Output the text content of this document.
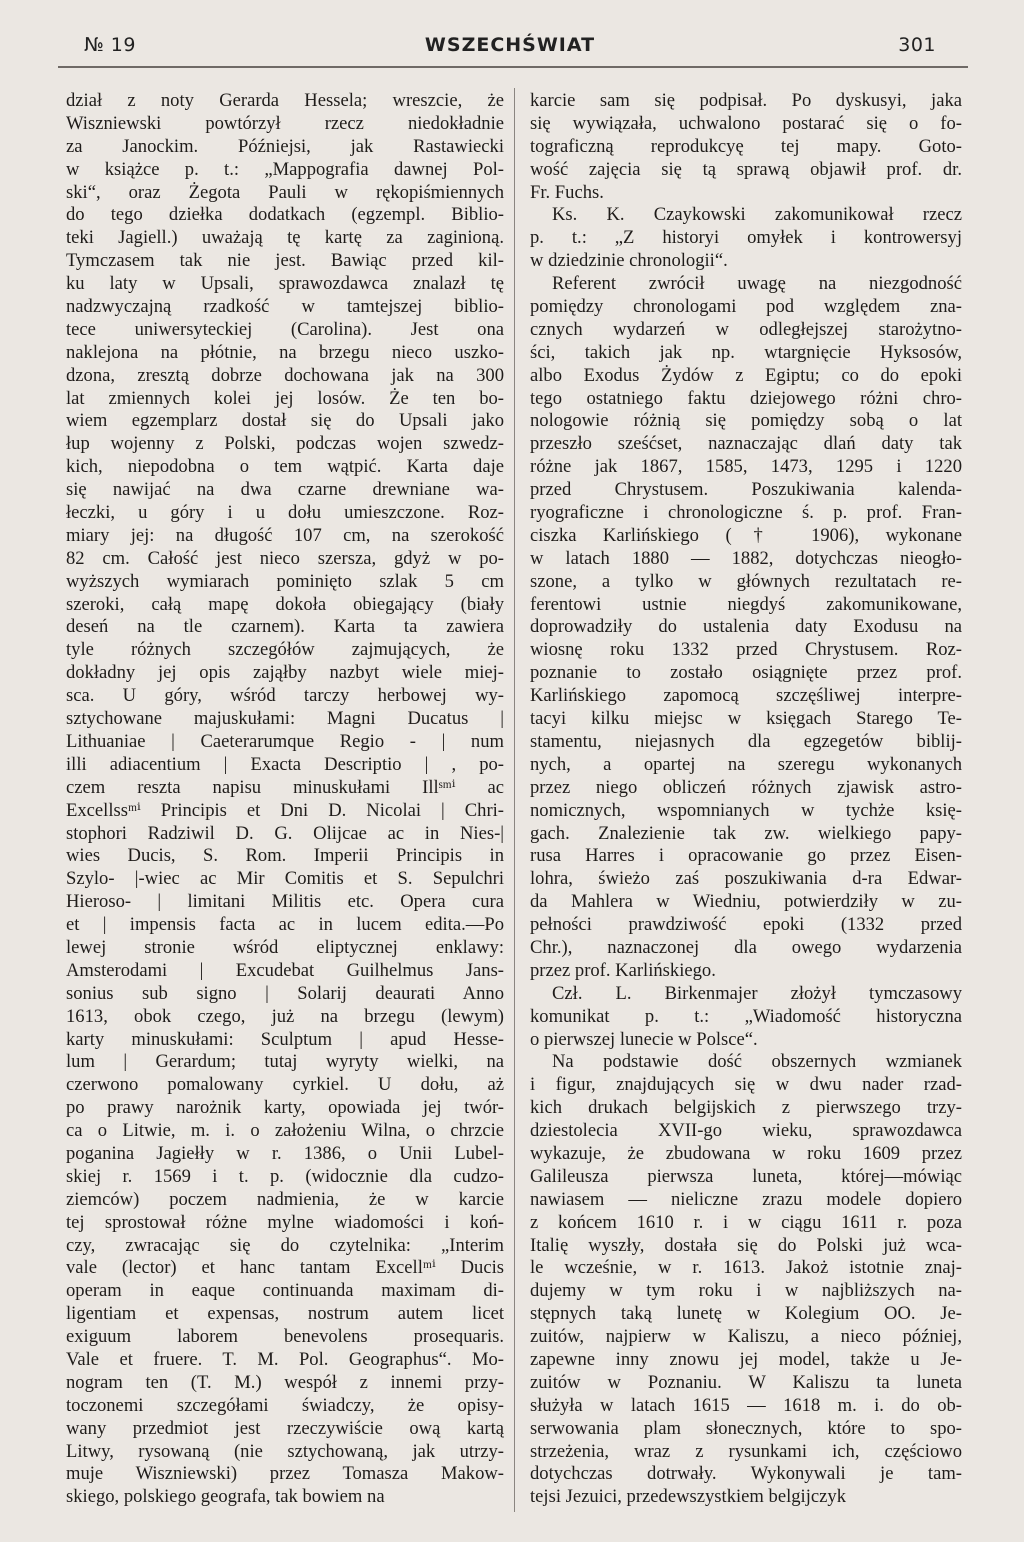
№ 19	WSZECHŚWIAT	301
dział z noty Gerarda Hessela; wreszcie, że
Wiszniewski powtórzył rzecz niedokładnie
za Janockim. Późniejsi, jak Rastawiecki
w książce p. t.: „Mappografia dawnej Pol-
ski“, oraz Żegota Pauli w rękopiśmiennych
do tego dziełka dodatkach (egzempl. Biblio-
teki Jagiell.) uważają tę kartę za zaginioną.
Tymczasem tak nie jest. Bawiąc przed kil-
ku laty w Upsali, sprawozdawca znalazł tę
nadzwyczajną rzadkość w tamtejszej biblio-
tece uniwersyteckiej (Carolina). Jest ona
naklejona na płótnie, na brzegu nieco uszko-
dzona, zresztą dobrze dochowana jak na 300
lat zmiennych kolei jej losów. Że ten bo-
wiem egzemplarz dostał się do Upsali jako
łup wojenny z Polski, podczas wojen szwedz-
kich, niepodobna o tem wątpić. Karta daje
się nawijać na dwa czarne drewniane wa-
łeczki, u góry i u dołu umieszczone. Roz-
miary jej: na długość 107 cm, na szerokość
82 cm. Całość jest nieco szersza, gdyż w po-
wyższych wymiarach pominięto szlak 5 cm
szeroki, całą mapę dokoła obiegający (biały
deseń na tle czarnem). Karta ta zawiera
tyle różnych szczegółów zajmujących, że
dokładny jej opis zająłby nazbyt wiele miej-
sca. U góry, wśród tarczy herbowej wy-
sztychowane majuskułami: Magni Ducatus |
Lithuaniae | Caeterarumque Regio - | num
illi adiacentium | Exacta Descriptio | , po-
czem reszta napisu minuskułami Illˢᵐⁱ ac
Excellssᵐⁱ Principis et Dni D. Nicolai | Chri-
stophori Radziwil D. G. Olijcae ac in Nies-|
wies Ducis, S. Rom. Imperii Principis in
Szylo- |-wiec ac Mir Comitis et S. Sepulchri
Hieroso- | limitani Militis etc. Opera cura
et | impensis facta ac in lucem edita.—Po
lewej stronie wśród eliptycznej enklawy:
Amsterodami | Excudebat Guilhelmus Jans-
sonius sub signo | Solarij deaurati Anno
1613, obok czego, już na brzegu (lewym)
karty minuskułami: Sculptum | apud Hesse-
lum | Gerardum; tutaj wyryty wielki, na
czerwono pomalowany cyrkiel. U dołu, aż
po prawy narożnik karty, opowiada jej twór-
ca o Litwie, m. i. o założeniu Wilna, o chrzcie
poganina Jagiełły w r. 1386, o Unii Lubel-
skiej r. 1569 i t. p. (widocznie dla cudzo-
ziemców) poczem nadmienia, że w karcie
tej sprostował różne mylne wiadomości i koń-
czy, zwracając się do czytelnika: „Interim
vale (lector) et hanc tantam Excellᵐⁱ Ducis
operam in eaque continuanda maximam di-
ligentiam et expensas, nostrum autem licet
exiguum laborem benevolens prosequaris.
Vale et fruere. T. M. Pol. Geographus“. Mo-
nogram ten (T. M.) wespół z innemi przy-
toczonemi szczegółami świadczy, że opisy-
wany przedmiot jest rzeczywiście ową kartą
Litwy, rysowaną (nie sztychowaną, jak utrzy-
muje Wiszniewski) przez Tomasza Makow-
skiego, polskiego geografa, tak bowiem na
karcie sam się podpisał. Po dyskusyi, jaka
się wywiązała, uchwalono postarać się o fo-
tograficzną reprodukcyę tej mapy. Goto-
wość zajęcia się tą sprawą objawił prof. dr.
Fr. Fuchs.
Ks. K. Czaykowski zakomunikował rzecz
p. t.: „Z historyi omyłek i kontrowersyj
w dziedzinie chronologii“.
Referent zwrócił uwagę na niezgodność
pomiędzy chronologami pod względem zna-
cznych wydarzeń w odległejszej starożytno-
ści, takich jak np. wtargnięcie Hyksosów,
albo Exodus Żydów z Egiptu; co do epoki
tego ostatniego faktu dziejowego różni chro-
nologowie różnią się pomiędzy sobą o lat
przeszło sześćset, naznaczając dlań daty tak
różne jak 1867, 1585, 1473, 1295 i 1220
przed Chrystusem. Poszukiwania kalenda-
ryograficzne i chronologiczne ś. p. prof. Fran-
ciszka Karlińskiego († 1906), wykonane
w latach 1880 — 1882, dotychczas nieogło-
szone, a tylko w głównych rezultatach re-
ferentowi ustnie niegdyś zakomunikowane,
doprowadziły do ustalenia daty Exodusu na
wiosnę roku 1332 przed Chrystusem. Roz-
poznanie to zostało osiągnięte przez prof.
Karlińskiego zapomocą szczęśliwej interpre-
tacyi kilku miejsc w księgach Starego Te-
stamentu, niejasnych dla egzegetów biblij-
nych, a opartej na szeregu wykonanych
przez niego obliczeń różnych zjawisk astro-
nomicznych, wspomnianych w tychże księ-
gach. Znalezienie tak zw. wielkiego papy-
rusa Harres i opracowanie go przez Eisen-
lohra, świeżo zaś poszukiwania d-ra Edwar-
da Mahlera w Wiedniu, potwierdziły w zu-
pełności prawdziwość epoki (1332 przed
Chr.), naznaczonej dla owego wydarzenia
przez prof. Karlińskiego.
Czł. L. Birkenmajer złożył tymczasowy
komunikat p. t.: „Wiadomość historyczna
o pierwszej lunecie w Polsce“.
Na podstawie dość obszernych wzmianek
i figur, znajdujących się w dwu nader rzad-
kich drukach belgijskich z pierwszego trzy-
dziestolecia XVII-go wieku, sprawozdawca
wykazuje, że zbudowana w roku 1609 przez
Galileusza pierwsza luneta, której—mówiąc
nawiasem — nieliczne zrazu modele dopiero
z końcem 1610 r. i w ciągu 1611 r. poza
Italię wyszły, dostała się do Polski już wca-
le wcześnie, w r. 1613. Jakoż istotnie znaj-
dujemy w tym roku i w najbliższych na-
stępnych taką lunetę w Kolegium OO. Je-
zuitów, najpierw w Kaliszu, a nieco później,
zapewne inny znowu jej model, także u Je-
zuitów w Poznaniu. W Kaliszu ta luneta
służyła w latach 1615 — 1618 m. i. do ob-
serwowania plam słonecznych, które to spo-
strzeżenia, wraz z rysunkami ich, częściowo
dotychczas dotrwały. Wykonywali je tam-
tejsi Jezuici, przedewszystkiem belgijczyk
